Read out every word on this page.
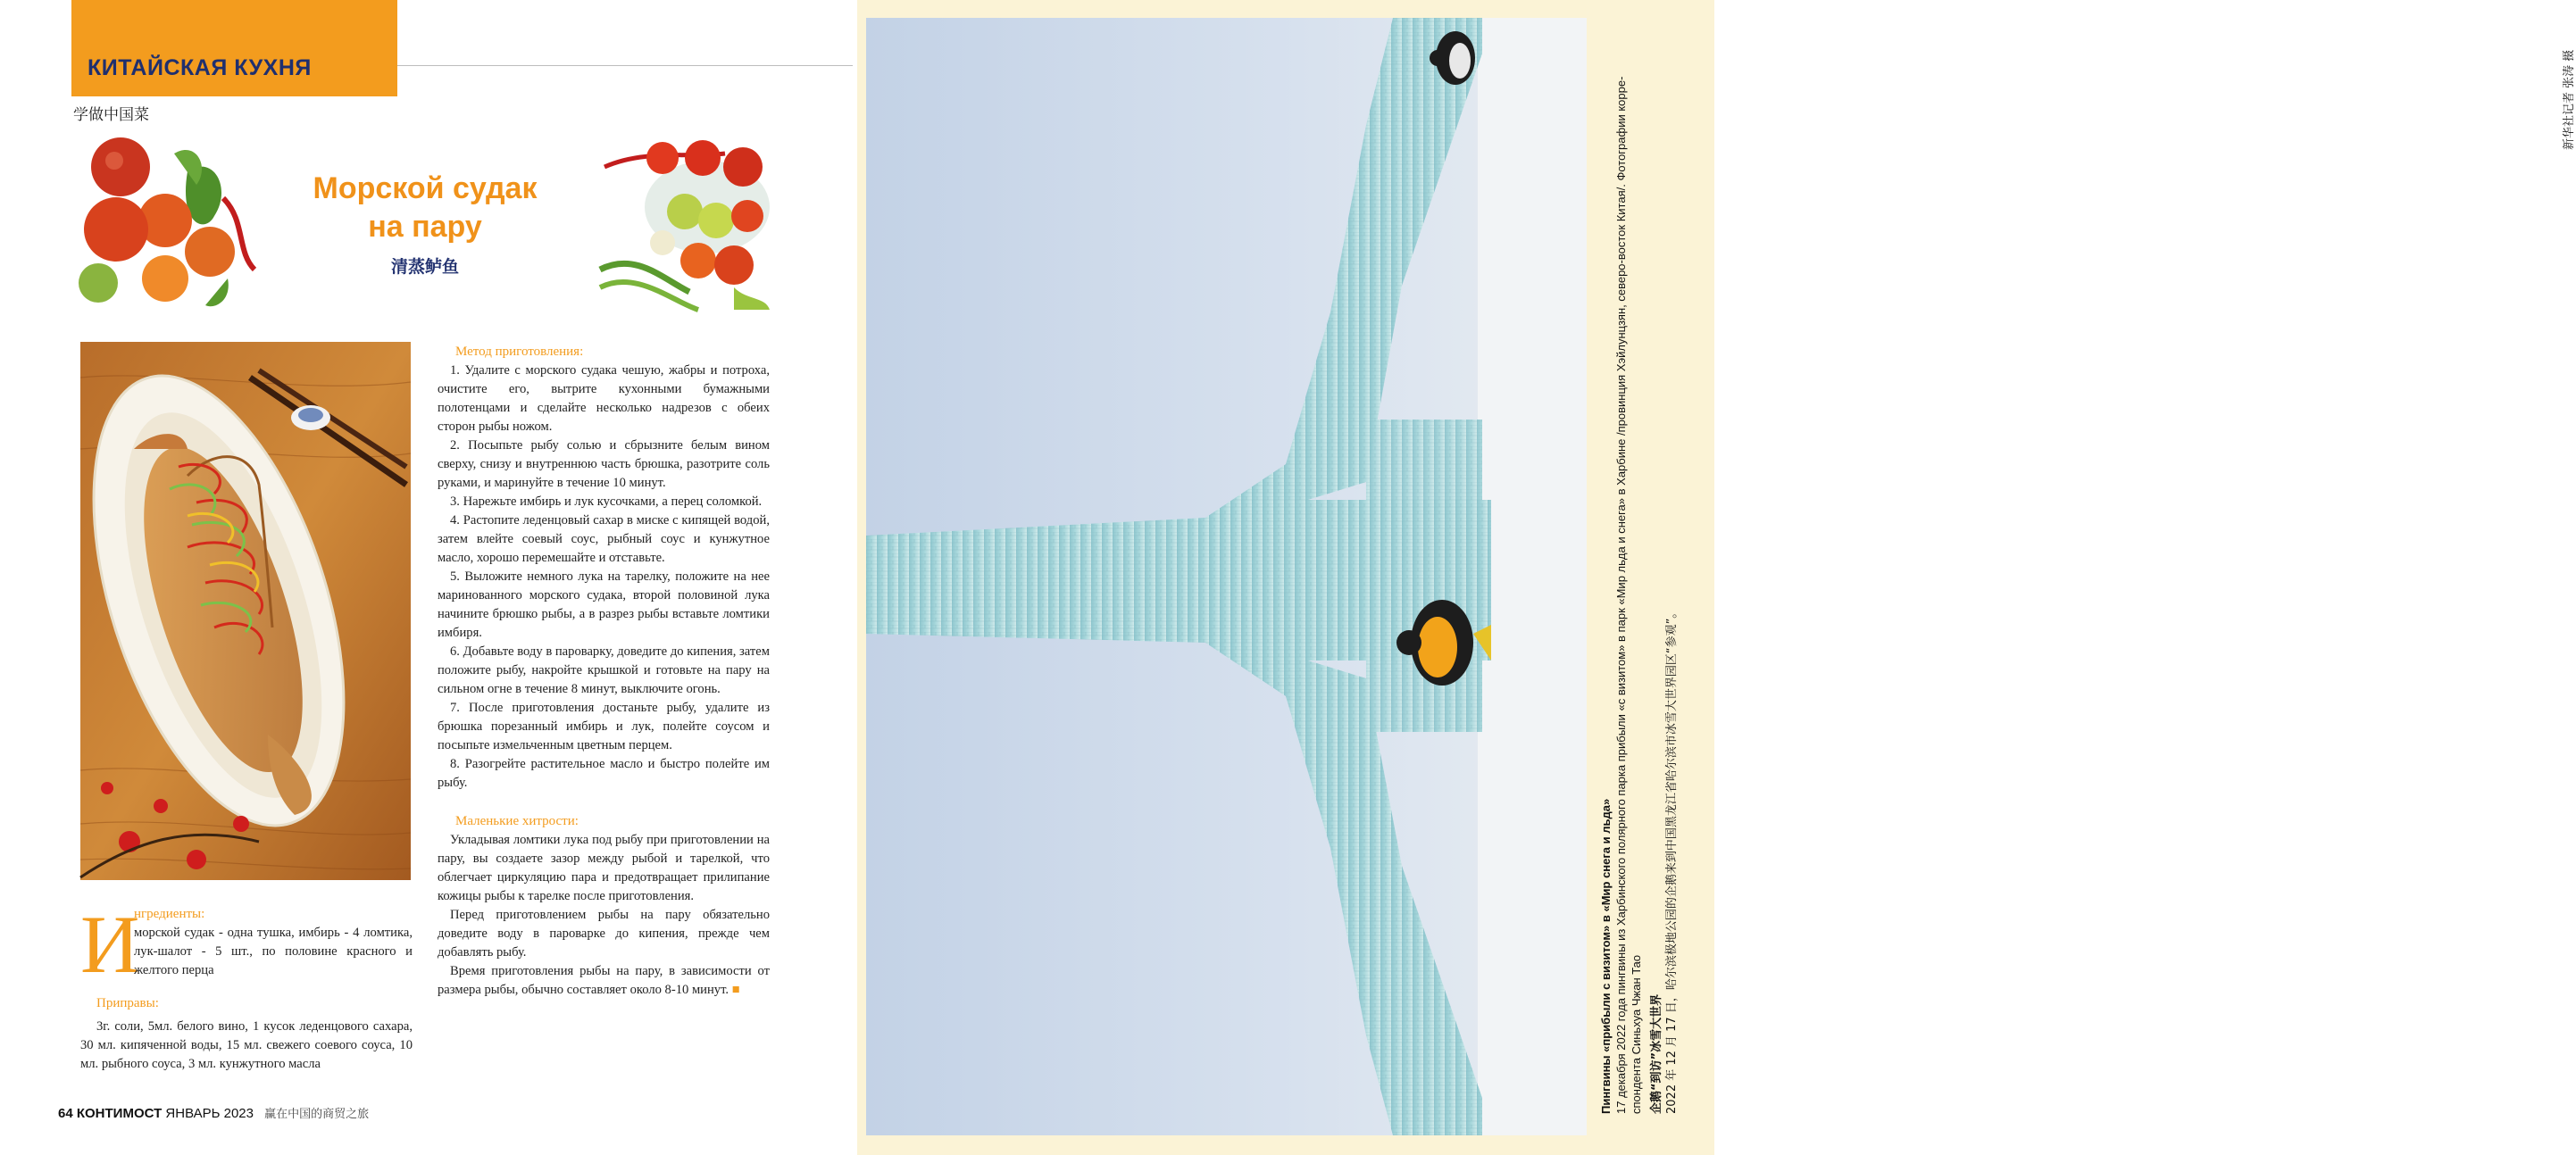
КИТАЙСКАЯ КУХНЯ
学做中国菜
Морской судак
на пару
清蒸鲈鱼
Метод приготовления:

1. Удалите с морского судака чешую, жабры и потроха, очистите его, вытрите кухонными бумажными полотенцами и сделайте несколько надрезов с обеих сторон рыбы ножом.

2. Посыпьте рыбу солью и сбрызните белым вином сверху, снизу и внутреннюю часть брюшка, разотрите соль руками, и маринуйте в течение 10 минут.

3. Нарежьте имбирь и лук кусочками, а перец соломкой.

4. Растопите леденцовый сахар в миске с кипящей водой, затем влейте соевый соус, рыбный соус и кунжутное масло, хорошо перемешайте и отставьте.

5. Выложите немного лука на тарелку, положите на нее маринованного морского судака, второй половиной лука начините брюшко рыбы, а в разрез рыбы вставьте ломтики имбиря.

6. Добавьте воду в пароварку, доведите до кипения, затем положите рыбу, накройте крышкой и готовьте на пару на сильном огне в течение 8 минут, выключите огонь.

7. После приготовления достаньте рыбу, удалите из брюшка порезанный имбирь и лук, полейте соусом и посыпьте измельченным цветным перцем.

8. Разогрейте растительное масло и быстро полейте им рыбу.

Маленькие хитрости:

Укладывая ломтики лука под рыбу при приготовлении на пару, вы создаете зазор между рыбой и тарелкой, что облегчает циркуляцию пара и предотвращает прилипание кожицы рыбы к тарелке после приготовления.

Перед приготовлением рыбы на пару обязательно доведите воду в пароварке до кипения, прежде чем добавлять рыбу.

Время приготовления рыбы на пару, в зависимости от размера рыбы, обычно составляет около 8-10 минут. ■

И
нгредиенты:
морской судак - одна тушка, имбирь - 4 ломтика, лук-шалот - 5 шт., по половине красного и желтого перца
Приправы:
3г. соли, 5мл. белого вино, 1 кусок леденцового сахара, 30 мл. кипяченной воды, 15 мл. свежего соевого соуса, 10 мл. рыбного соуса, 3 мл. кунжутного масла
64 КОНТИМОСТ ЯНВАРЬ 2023 赢在中国的商贸之旅
新华社记者 张涛 摄
Пингвины «прибыли с визитом» в «Мир снега и льда» 17 декабря 2022 года пингвины из Харбинского полярного парка прибыли «с визитом» в парк «Мир льда и снега» в Харбине /провинция Хэйлунцзян, северо-восток Китая/. Фотографии корре- спондента Синьхуа Чжан Тао 企鹅“到访”冰雪大世界 2022 年 12 月 17 日，哈尔滨极地公园的企鹅来到中国黑龙江省哈尔滨市冰雪大世界园区“参观”。
